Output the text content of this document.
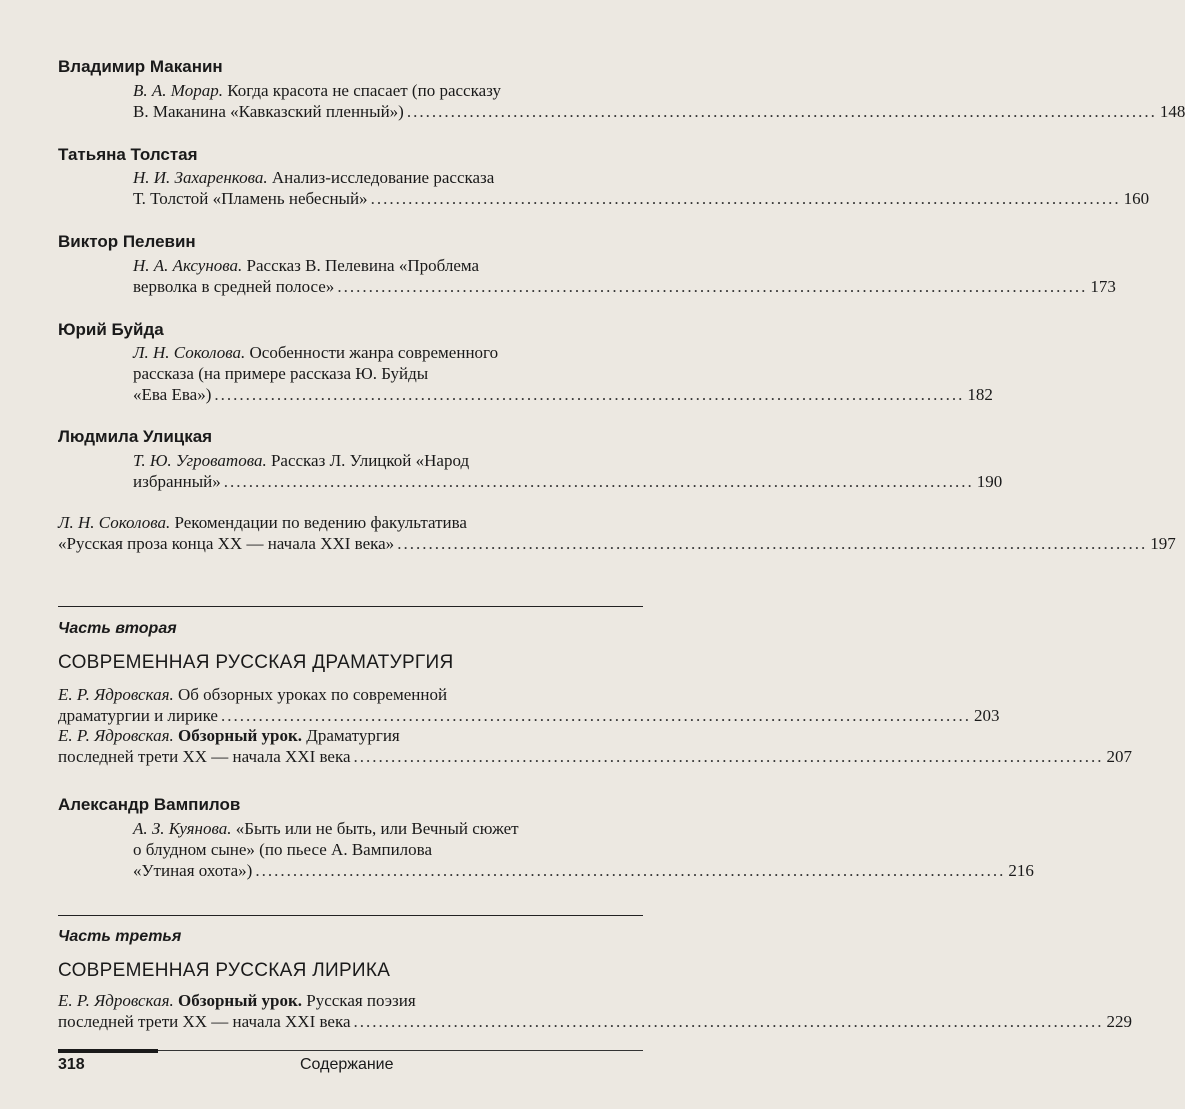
Владимир Маканин
В. А. Морар. Когда красота не спасает (по рассказу
В. Маканина «Кавказский пленный») ........................................................................................................................ 148
Татьяна Толстая
Н. И. Захаренкова. Анализ-исследование рассказа
Т. Толстой «Пламень небесный» ........................................................................................................................ 160
Виктор Пелевин
Н. А. Аксунова. Рассказ В. Пелевина «Проблема
верволка в средней полосе» ........................................................................................................................ 173
Юрий Буйда
Л. Н. Соколова. Особенности жанра современного
рассказа (на примере рассказа Ю. Буйды
«Ева Ева») ........................................................................................................................ 182
Людмила Улицкая
Т. Ю. Угроватова. Рассказ Л. Улицкой «Народ
избранный» ........................................................................................................................ 190
Л. Н. Соколова. Рекомендации по ведению факультатива
«Русская проза конца XX — начала XXI века» ........................................................................................................................ 197
Часть вторая
СОВРЕМЕННАЯ РУССКАЯ ДРАМАТУРГИЯ
Е. Р. Ядровская. Об обзорных уроках по современной
драматургии и лирике ........................................................................................................................ 203
Е. Р. Ядровская. Обзорный урок. Драматургия
последней трети XX — начала XXI века ........................................................................................................................ 207
Александр Вампилов
А. З. Куянова. «Быть или не быть, или Вечный сюжет
о блудном сыне» (по пьесе А. Вампилова
«Утиная охота») ........................................................................................................................ 216
Часть третья
СОВРЕМЕННАЯ РУССКАЯ ЛИРИКА
Е. Р. Ядровская. Обзорный урок. Русская поэзия
последней трети XX — начала XXI века ........................................................................................................................ 229
318	Содержание
